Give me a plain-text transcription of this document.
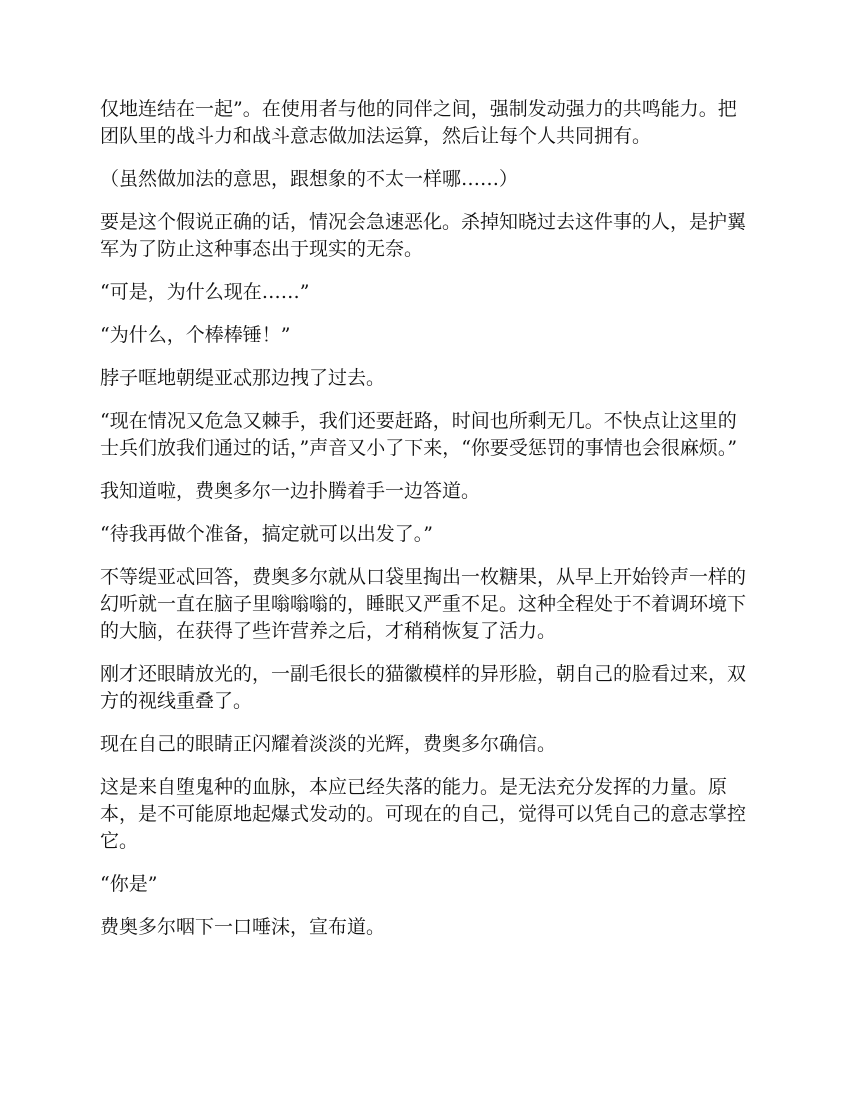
仅地连结在一起”。在使用者与他的同伴之间，强制发动强力的共鸣能力。把团队里的战斗力和战斗意志做加法运算，然后让每个人共同拥有。

（虽然做加法的意思，跟想象的不太一样哪……）

要是这个假说正确的话，情况会急速恶化。杀掉知晓过去这件事的人，是护翼军为了防止这种事态出于现实的无奈。

“可是，为什么现在……”

“为什么，个棒棒锤！”

脖子哐地朝缇亚忒那边拽了过去。

“现在情况又危急又棘手，我们还要赶路，时间也所剩无几。不快点让这里的士兵们放我们通过的话，”声音又小了下来，“你要受惩罚的事情也会很麻烦。”

我知道啦，费奥多尔一边扑腾着手一边答道。

“待我再做个准备，搞定就可以出发了。”

不等缇亚忒回答，费奥多尔就从口袋里掏出一枚糖果，从早上开始铃声一样的幻听就一直在脑子里嗡嗡嗡的，睡眠又严重不足。这种全程处于不着调环境下的大脑，在获得了些许营养之后，才稍稍恢复了活力。

刚才还眼睛放光的，一副毛很长的猫徽模样的异形脸，朝自己的脸看过来，双方的视线重叠了。

现在自己的眼睛正闪耀着淡淡的光辉，费奥多尔确信。

这是来自堕鬼种的血脉，本应已经失落的能力。是无法充分发挥的力量。原本，是不可能原地起爆式发动的。可现在的自己，觉得可以凭自己的意志掌控它。

“你是”

费奥多尔咽下一口唾沫，宣布道。
